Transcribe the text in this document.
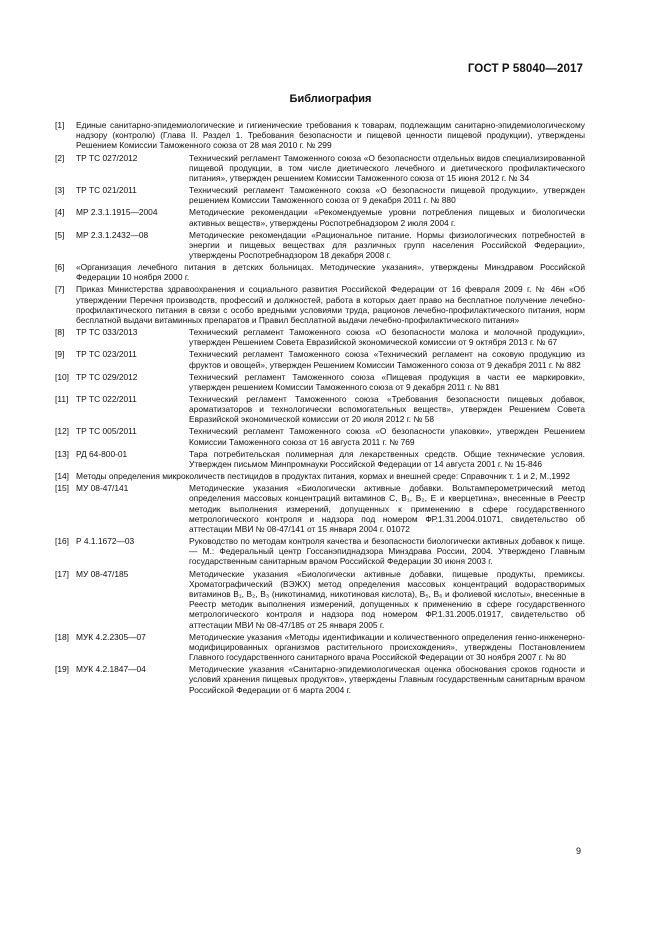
ГОСТ Р 58040—2017
Библиография
[1] Единые санитарно-эпидемиологические и гигиенические требования к товарам, подлежащим санитарно-эпидемиологическому надзору (контролю) (Глава II. Раздел 1. Требования безопасности и пищевой ценности пищевой продукции), утверждены Решением Комиссии Таможенного союза от 28 мая 2010 г. № 299
[2] ТР ТС 027/2012	Технический регламент Таможенного союза «О безопасности отдельных видов специализированной пищевой продукции, в том числе диетического лечебного и диетического профилактического питания», утвержден решением Комиссии Таможенного союза от 15 июня 2012 г. № 34
[3] ТР ТС 021/2011	Технический регламент Таможенного союза «О безопасности пищевой продукции», утвержден решением Комиссии Таможенного союза от 9 декабря 2011 г. № 880
[4] МР 2.3.1.1915—2004	Методические рекомендации «Рекомендуемые уровни потребления пищевых и биологически активных веществ», утверждены Роспотребнадзором 2 июля 2004 г.
[5] МР 2.3.1.2432—08	Методические рекомендации «Рациональное питание. Нормы физиологических потребностей в энергии и пищевых веществах для различных групп населения Российской Федерации», утверждены Роспотребнадзором 18 декабря 2008 г.
[6] «Организация лечебного питания в детских больницах. Методические указания», утверждены Минздравом Российской Федерации 10 ноября 2000 г.
[7] Приказ Министерства здравоохранения и социального развития Российской Федерации от 16 февраля 2009 г. № 46н «Об утверждении Перечня производств, профессий и должностей, работа в которых дает право на бесплатное получение лечебно-профилактического питания в связи с особо вредными условиями труда, рационов лечебно-профилактического питания, норм бесплатной выдачи витаминных препаратов и Правил бесплатной выдачи лечебно-профилактического питания»
[8] ТР ТС 033/2013	Технический регламент Таможенного союза «О безопасности молока и молочной продукции», утвержден Решением Совета Евразийской экономической комиссии от 9 октября 2013 г. № 67
[9] ТР ТС 023/2011	Технический регламент Таможенного союза «Технический регламент на соковую продукцию из фруктов и овощей», утвержден Решением Комиссии Таможенного союза от 9 декабря 2011 г. № 882
[10] ТР ТС 029/2012	Технический регламент Таможенного союза «Пищевая продукция в части ее маркировки», утвержден решением Комиссии Таможенного союза от 9 декабря 2011 г. № 881
[11] ТР ТС 022/2011	Технический регламент Таможенного союза «Требования безопасности пищевых добавок, ароматизаторов и технологически вспомогательных веществ», утвержден Решением Совета Евразийской экономической комиссии от 20 июля 2012 г. № 58
[12] ТР ТС 005/2011	Технический регламент Таможенного союза «О безопасности упаковки», утвержден Решением Комиссии Таможенного союза от 16 августа 2011 г. № 769
[13] РД 64-800-01	Тара потребительская полимерная для лекарственных средств. Общие технические условия. Утвержден письмом Минпромнауки Российской Федерации от 14 августа 2001 г. № 15-846
[14] Методы определения микроколичеств пестицидов в продуктах питания, кормах и внешней среде: Справочник т. 1 и 2, М.,1992
[15] МУ 08-47/141	Методические указания «Биологически активные добавки. Вольтамперометрический метод определения массовых концентраций витаминов С, В₁, В₂, Е и кверцетина», внесенные в Реестр методик выполнения измерений, допущенных к применению в сфере государственного метрологического контроля и надзора под номером ФР.1.31.2004.01071, свидетельство об аттестации МВИ № 08-47/141 от 15 января 2004 г. 01072
[16] Р 4.1.1672—03	Руководство по методам контроля качества и безопасности биологически активных добавок к пище. — М.: Федеральный центр Госсанэпиднадзора Минздрава России, 2004. Утверждено Главным государственным санитарным врачом Российской Федерации 30 июня 2003 г.
[17] МУ 08-47/185	Методические указания «Биологически активные добавки, пищевые продукты, премиксы. Хроматографический (ВЭЖХ) метод определения массовых концентраций водорастворимых витаминов В₁, В₂, В₃ (никотинамид, никотиновая кислота), В₅, В₆ и фолиевой кислоты», внесенные в Реестр методик выполнения измерений, допущенных к применению в сфере государственного метрологического контроля и надзора под номером ФР.1.31.2005.01917, свидетельство об аттестации МВИ № 08-47/185 от 25 января 2005 г.
[18] МУК 4.2.2305—07	Методические указания «Методы идентификации и количественного определения генно-инженерно-модифицированных организмов растительного происхождения», утверждены Постановлением Главного государственного санитарного врача Российской Федерации от 30 ноября 2007 г. № 80
[19] МУК 4.2.1847—04	Методические указания «Санитарно-эпидемиологическая оценка обоснования сроков годности и условий хранения пищевых продуктов», утверждены Главным государственным санитарным врачом Российской Федерации от 6 марта 2004 г.
9
